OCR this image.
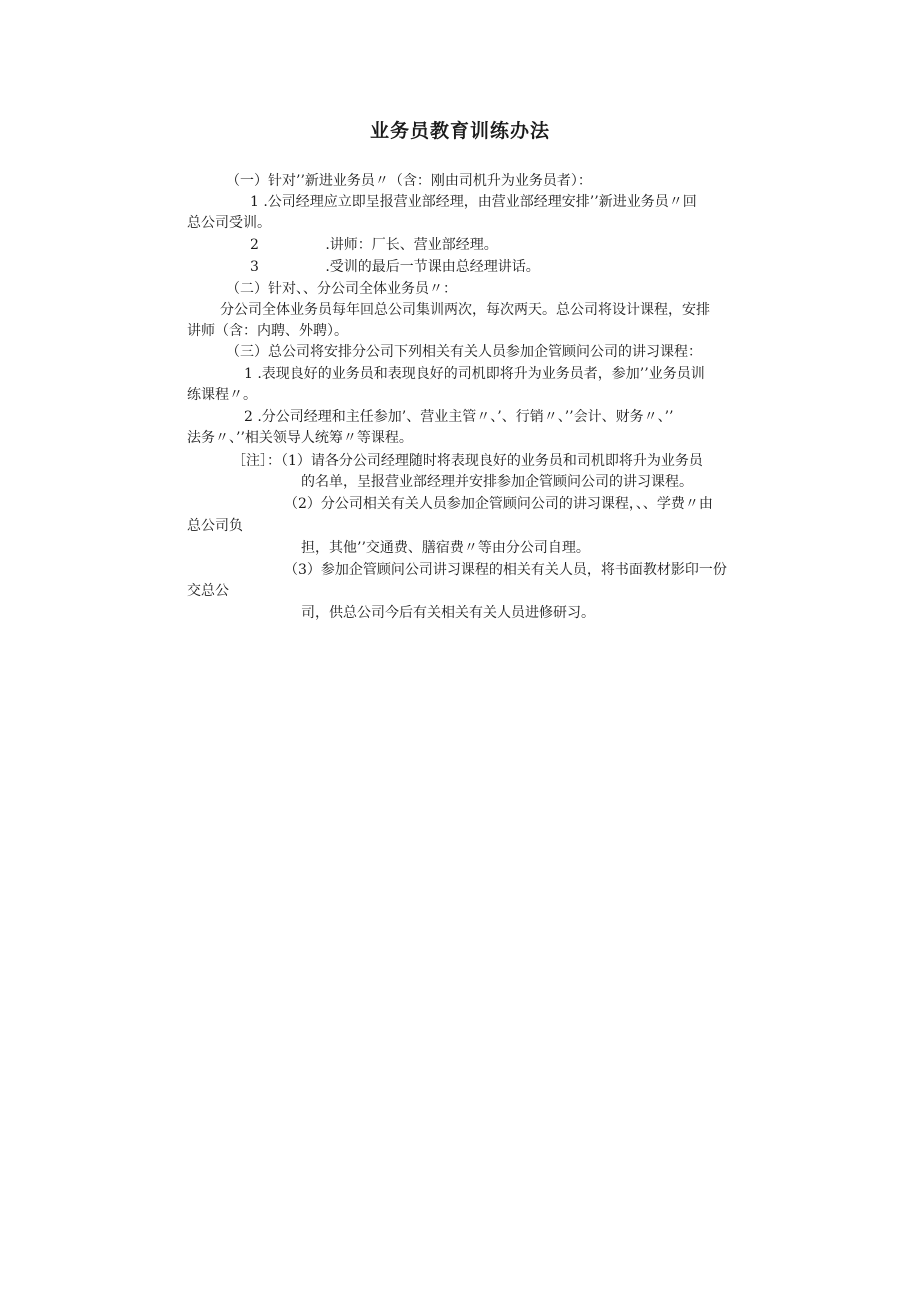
业务员教育训练办法
（一）针对’’新进业务员〃（含：刚由司机升为业务员者）：
1 .公司经理应立即呈报营业部经理，由营业部经理安排’’新进业务员〃回
总公司受训。
2 .讲师：厂长、营业部经理。
3 .受训的最后一节课由总经理讲话。
（二）针对、、分公司全体业务员〃：
分公司全体业务员每年回总公司集训两次，每次两天。总公司将设计课程，安排
讲师（含：内聘、外聘）。
（三）总公司将安排分公司下列相关有关人员参加企管顾问公司的讲习课程：
1 .表现良好的业务员和表现良好的司机即将升为业务员者，参加’’业务员训
练课程〃。
2 .分公司经理和主任参加’、营业主管〃、’、行销〃、’’会计、财务〃、’’
法务〃、’’相关领导人统筹〃等课程。
［注］：（1）请各分公司经理随时将表现良好的业务员和司机即将升为业务员
的名单，呈报营业部经理并安排参加企管顾问公司的讲习课程。
（2）分公司相关有关人员参加企管顾问公司的讲习课程，、、学费〃由
总公司负
担，其他’’交通费、膳宿费〃等由分公司自理。
（3）参加企管顾问公司讲习课程的相关有关人员，将书面教材影印一份
交总公
司，供总公司今后有关相关有关人员进修研习。
